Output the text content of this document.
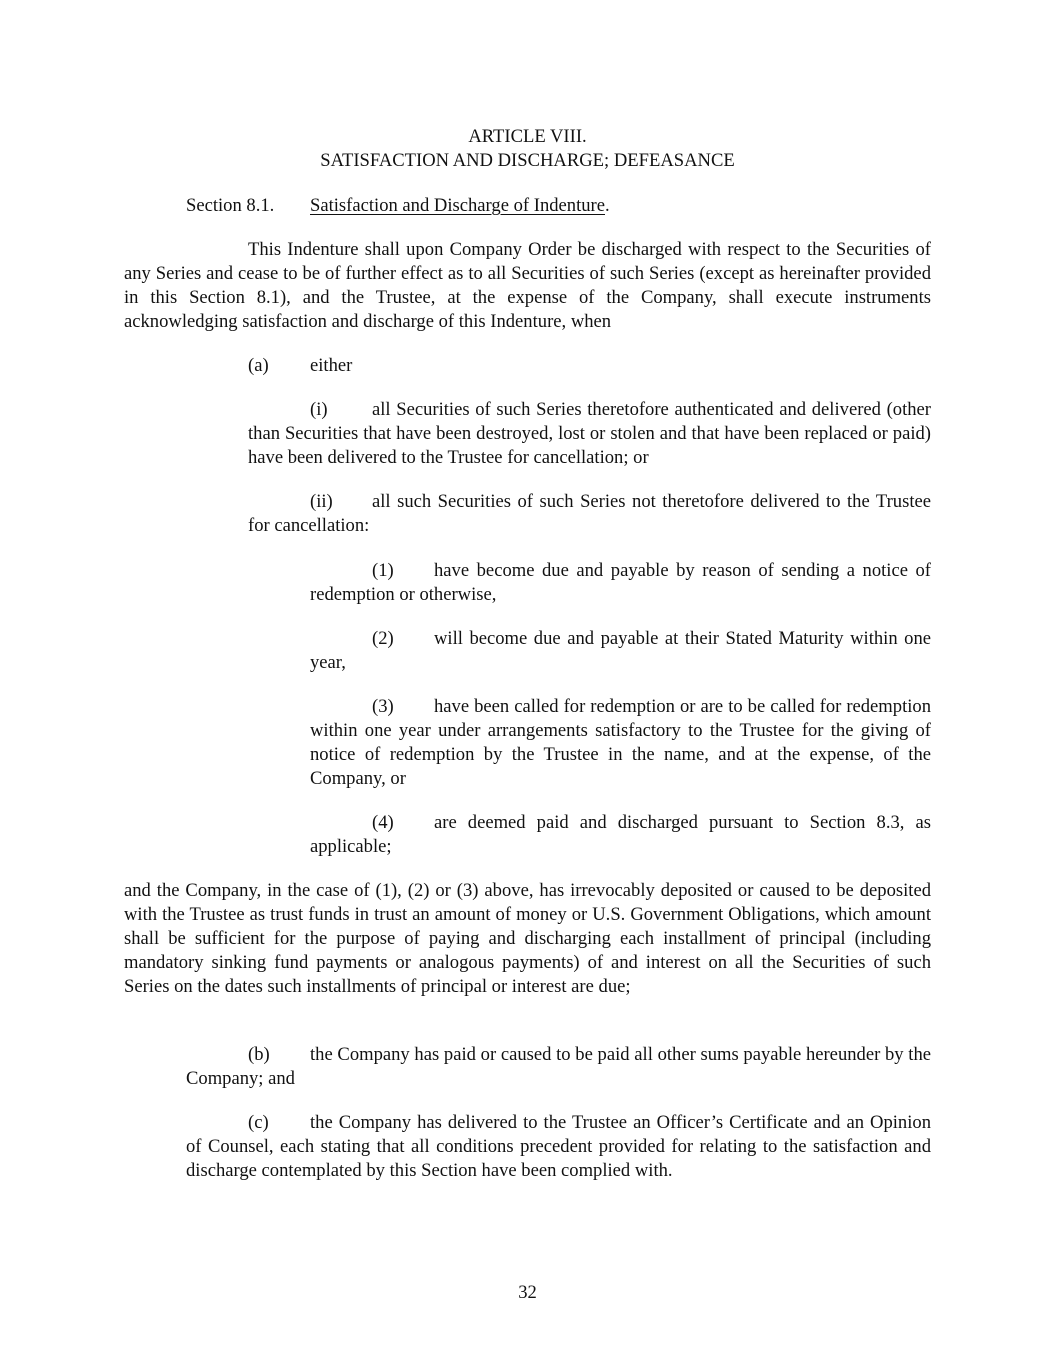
ARTICLE VIII.
SATISFACTION AND DISCHARGE; DEFEASANCE
Section 8.1. Satisfaction and Discharge of Indenture.
This Indenture shall upon Company Order be discharged with respect to the Securities of any Series and cease to be of further effect as to all Securities of such Series (except as hereinafter provided in this Section 8.1), and the Trustee, at the expense of the Company, shall execute instruments acknowledging satisfaction and discharge of this Indenture, when
(a) either
all Securities of such Series theretofore authenticated and delivered (other than Securities that have been destroyed, lost or stolen and that have been replaced or paid) have been delivered to the Trustee for cancellation; or
all such Securities of such Series not theretofore delivered to the Trustee for cancellation:
have become due and payable by reason of sending a notice of redemption or otherwise,
will become due and payable at their Stated Maturity within one year,
have been called for redemption or are to be called for redemption within one year under arrangements satisfactory to the Trustee for the giving of notice of redemption by the Trustee in the name, and at the expense, of the Company, or
are deemed paid and discharged pursuant to Section 8.3, as applicable;
(i)
(ii)
(1)
(2)
(3)
(4)
and the Company, in the case of (1), (2) or (3) above, has irrevocably deposited or caused to be deposited with the Trustee as trust funds in trust an amount of money or U.S. Government Obligations, which amount shall be sufficient for the purpose of paying and discharging each installment of principal (including mandatory sinking fund payments or analogous payments) of and interest on all the Securities of such Series on the dates such installments of principal or interest are due;
the Company has paid or caused to be paid all other sums payable hereunder by the Company; and
(b)
the Company has delivered to the Trustee an Officer’s Certificate and an Opinion of Counsel, each stating that all conditions precedent provided for relating to the satisfaction and discharge contemplated by this Section have been complied with.
(c)
32
